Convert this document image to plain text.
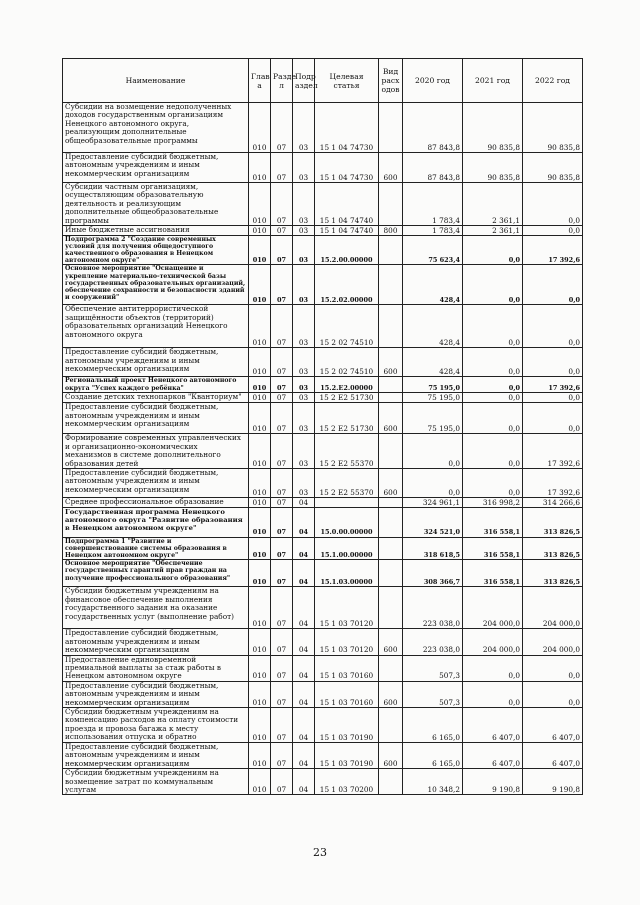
Наименование	Глав а	Разде л	Подр аздел	Целевая статья	Вид расх одов	2020 год	2021 год	2022 год
Субсидии на возмещение недополученных доходов государственным организациям Ненецкого автономного округа, реализующим дополнительные общеобразовательные программы	010	07	03	15 1 04 74730		87 843,8	90 835,8	90 835,8
Предоставление субсидий бюджетным, автономным учреждениям и иным некоммерческим организациям	010	07	03	15 1 04 74730	600	87 843,8	90 835,8	90 835,8
Субсидии частным организациям, осуществляющим образовательную деятельность и реализующим дополнительные общеобразовательные программы	010	07	03	15 1 04 74740		1 783,4	2 361,1	0,0
Иные бюджетные ассигнования	010	07	03	15 1 04 74740	800	1 783,4	2 361,1	0,0
Подпрограмма 2 "Создание современных условий для получения общедоступного качественного образования в Ненецком автономном округе"	010	07	03	15.2.00.00000		75 623,4	0,0	17 392,6
Основное мероприятие "Оснащение и укрепление материально-технической базы государственных образовательных организаций, обеспечение сохранности и безопасности зданий и сооружений"	010	07	03	15.2.02.00000		428,4	0,0	0,0
Обеспечение антитеррористической защищённости объектов (территорий) образовательных организаций Ненецкого автономного округа	010	07	03	15 2 02 74510		428,4	0,0	0,0
Предоставление субсидий бюджетным, автономным учреждениям и иным некоммерческим организациям	010	07	03	15 2 02 74510	600	428,4	0,0	0,0
Региональный проект Ненецкого автономного округа "Успех каждого ребёнка"	010	07	03	15.2.E2.00000		75 195,0	0,0	17 392,6
Создание детских технопарков "Кванториум"	010	07	03	15 2 E2 51730		75 195,0	0,0	0,0
Предоставление субсидий бюджетным, автономным учреждениям и иным некоммерческим организациям	010	07	03	15 2 E2 51730	600	75 195,0	0,0	0,0
Формирование современных управленческих и организационно-экономических механизмов в системе дополнительного образования детей	010	07	03	15 2 E2 55370		0,0	0,0	17 392,6
Предоставление субсидий бюджетным, автономным учреждениям и иным некоммерческим организациям	010	07	03	15 2 E2 55370	600	0,0	0,0	17 392,6
Среднее профессиональное образование	010	07	04			324 961,1	316 998,2	314 266,6
Государственная программа Ненецкого автономного округа "Развитие образования в Ненецком автономном округе"	010	07	04	15.0.00.00000		324 521,0	316 558,1	313 826,5
Подпрограмма 1 "Развитие и совершенствование системы образования в Ненецком автономном округе"	010	07	04	15.1.00.00000		318 618,5	316 558,1	313 826,5
Основное мероприятие "Обеспечение государственных гарантий прав граждан на получение профессионального образования"	010	07	04	15.1.03.00000		308 366,7	316 558,1	313 826,5
Субсидии бюджетным учреждениям на финансовое обеспечение выполнения государственного задания на оказание государственных услуг (выполнение работ)	010	07	04	15 1 03 70120		223 038,0	204 000,0	204 000,0
Предоставление субсидий бюджетным, автономным учреждениям и иным некоммерческим организациям	010	07	04	15 1 03 70120	600	223 038,0	204 000,0	204 000,0
Предоставление единовременной премиальной выплаты за стаж работы в Ненецком автономном округе	010	07	04	15 1 03 70160		507,3	0,0	0,0
Предоставление субсидий бюджетным, автономным учреждениям и иным некоммерческим организациям	010	07	04	15 1 03 70160	600	507,3	0,0	0,0
Субсидии бюджетным учреждениям на компенсацию расходов на оплату стоимости проезда и провоза багажа к месту использования отпуска и обратно	010	07	04	15 1 03 70190		6 165,0	6 407,0	6 407,0
Предоставление субсидий бюджетным, автономным учреждениям и иным некоммерческим организациям	010	07	04	15 1 03 70190	600	6 165,0	6 407,0	6 407,0
Субсидии бюджетным учреждениям на возмещение затрат по коммунальным услугам	010	07	04	15 1 03 70200		10 348,2	9 190,8	9 190,8
23
